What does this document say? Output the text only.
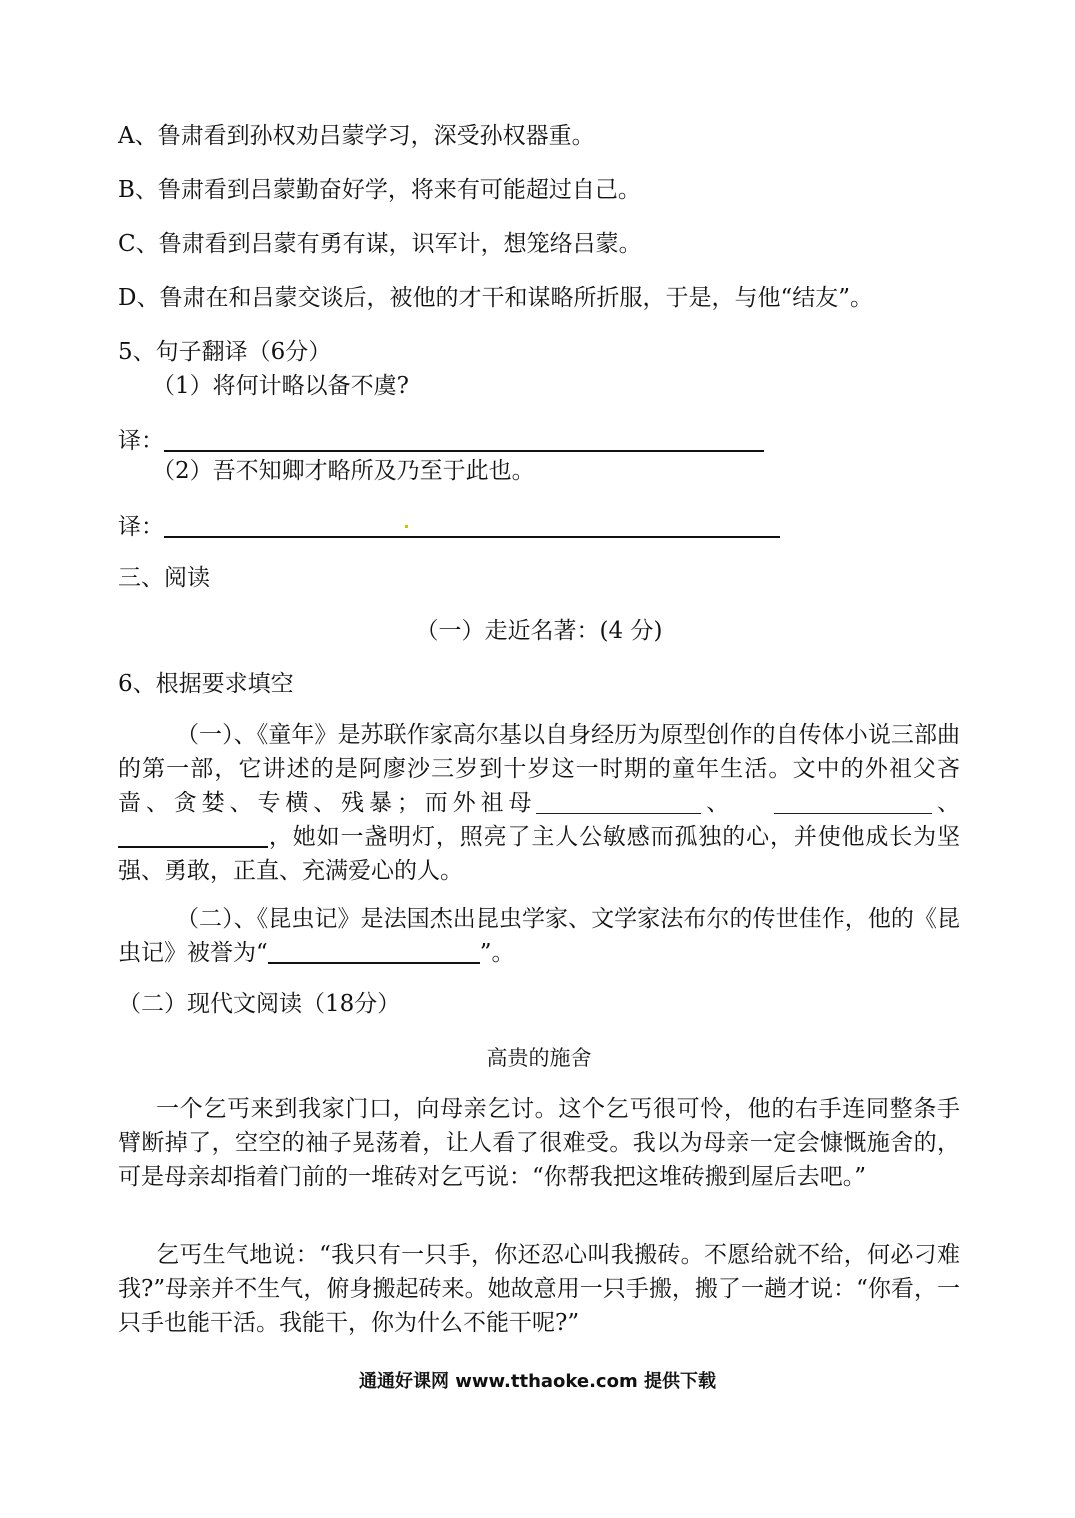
A、鲁肃看到孙权劝吕蒙学习，深受孙权器重。
B、鲁肃看到吕蒙勤奋好学，将来有可能超过自己。
C、鲁肃看到吕蒙有勇有谋，识军计，想笼络吕蒙。
D、鲁肃在和吕蒙交谈后，被他的才干和谋略所折服，于是，与他“结友”。
5、句子翻译（6分）
（1）将何计略以备不虞?
译：
（2）吾不知卿才略所及乃至于此也。
译：
三、阅读
（一）走近名著：(4 分)
6、根据要求填空
（一）、《童年》是苏联作家高尔基以自身经历为原型创作的自传体小说三部曲的第一部，它讲述的是阿廖沙三岁到十岁这一时期的童年生活。文中的外祖父吝啬、贪婪、专横、残暴；而外祖母	、	、，她如一盏明灯，照亮了主人公敏感而孤独的心，并使他成长为坚强、勇敢，正直、充满爱心的人。
（二）、《昆虫记》是法国杰出昆虫学家、文学家法布尔的传世佳作，他的《昆虫记》被誉为“	”。
（二）现代文阅读（18分）
高贵的施舍
一个乞丐来到我家门口，向母亲乞讨。这个乞丐很可怜，他的右手连同整条手臂断掉了，空空的袖子晃荡着，让人看了很难受。我以为母亲一定会慷慨施舍的，可是母亲却指着门前的一堆砖对乞丐说：“你帮我把这堆砖搬到屋后去吧。”
乞丐生气地说：“我只有一只手，你还忍心叫我搬砖。不愿给就不给，何必刁难我?”母亲并不生气，俯身搬起砖来。她故意用一只手搬，搬了一趟才说：“你看，一只手也能干活。我能干，你为什么不能干呢?”
通通好课网 www.tthaoke.com 提供下载
